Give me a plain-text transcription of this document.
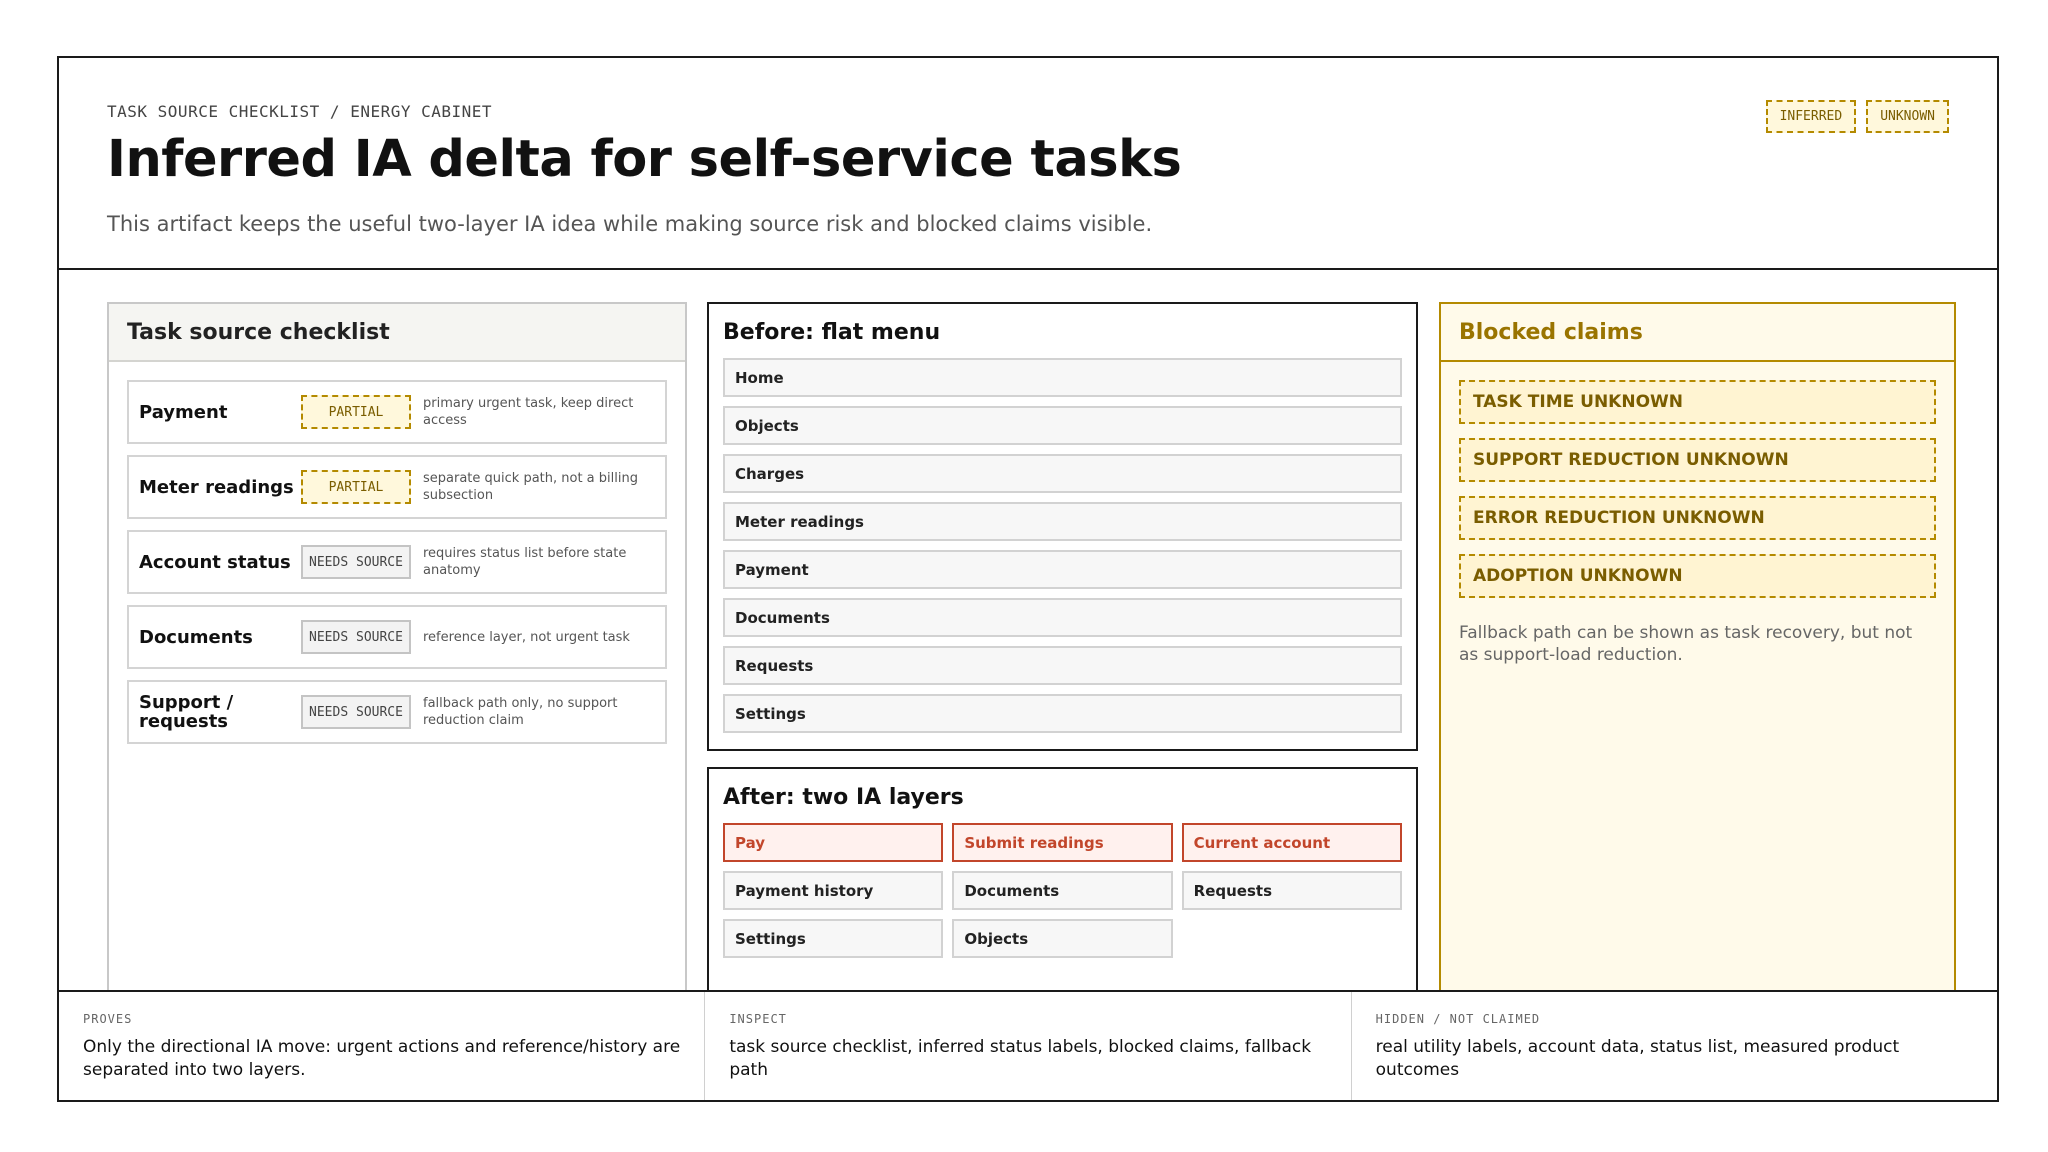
TASK SOURCE CHECKLIST / ENERGY CABINET
Inferred IA delta for self-service tasks
This artifact keeps the useful two-layer IA idea while making source risk and blocked claims visible.
INFERRED	UNKNOWN
Task source checklist
Payment	PARTIAL
primary urgent task, keep direct access
Meter readings	PARTIAL
separate quick path, not a billing subsection
Account status	NEEDS SOURCE
requires status list before state anatomy
Documents	NEEDS SOURCE	reference layer, not urgent task
Support / requests	NEEDS SOURCE
fallback path only, no support reduction claim
Before: flat menu
Home
Objects
Charges
Meter readings
Payment
Documents
Requests
Settings
After: two IA layers
Pay	Submit readings	Current account
Payment history	Documents	Requests
Settings	Objects
Blocked claims
TASK TIME UNKNOWN
SUPPORT REDUCTION UNKNOWN
ERROR REDUCTION UNKNOWN
ADOPTION UNKNOWN
Fallback path can be shown as task recovery, but not as support-load reduction.
PROVES
Only the directional IA move: urgent actions and reference/history are separated into two layers.
INSPECT
task source checklist, inferred status labels, blocked claims, fallback path
HIDDEN / NOT CLAIMED
real utility labels, account data, status list, measured product outcomes
